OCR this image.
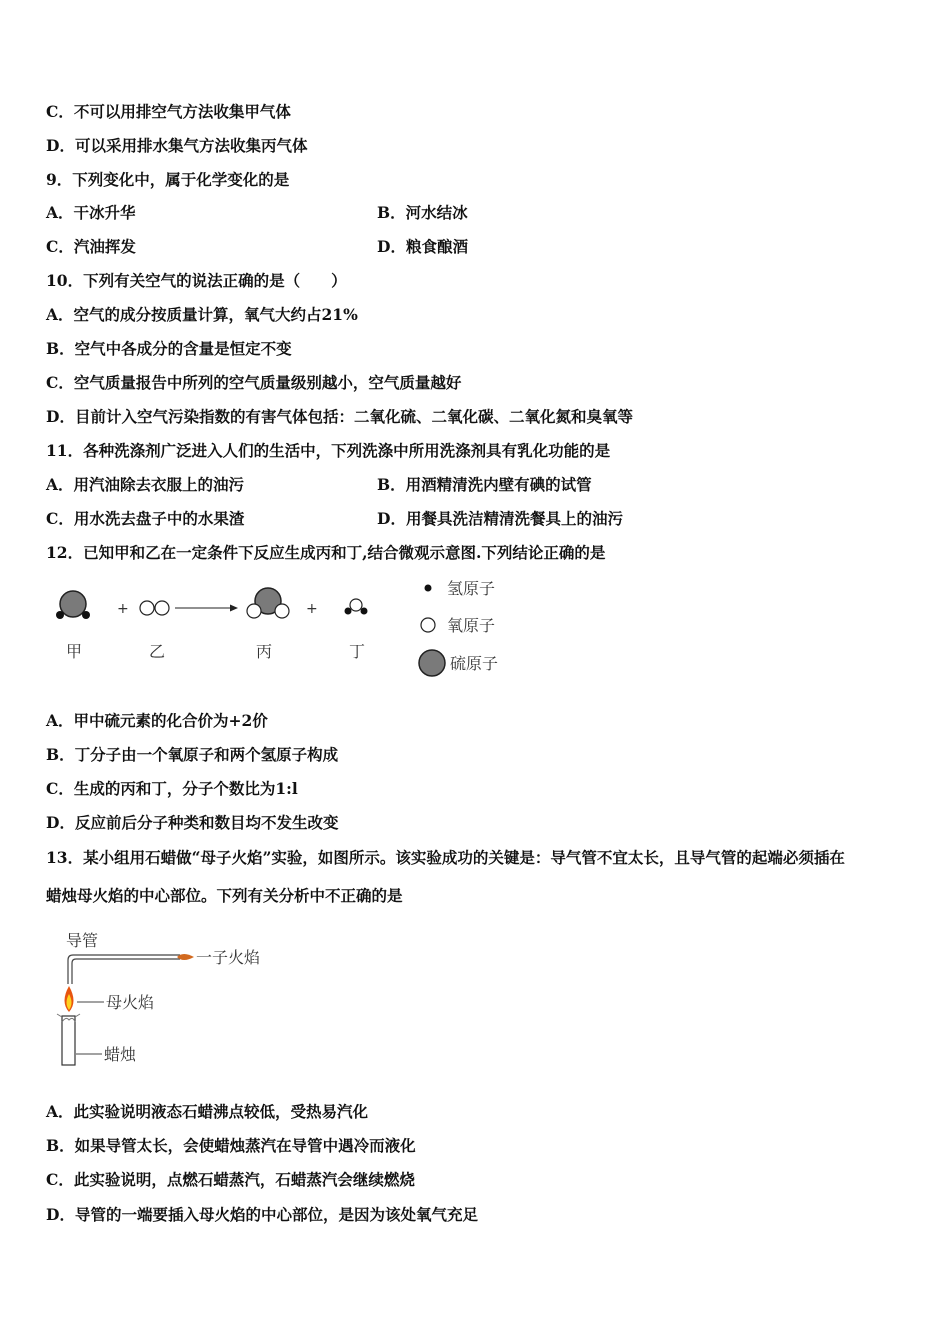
C．不可以用排空气方法收集甲气体
D．可以采用排水集气方法收集丙气体
9．下列变化中，属于化学变化的是
A．干冰升华	B．河水结冰
C．汽油挥发	D．粮食酿酒
10．下列有关空气的说法正确的是（　　）
A．空气的成分按质量计算，氧气大约占21%
B．空气中各成分的含量是恒定不变
C．空气质量报告中所列的空气质量级别越小，空气质量越好
D．目前计入空气污染指数的有害气体包括：二氧化硫、二氧化碳、二氧化氮和臭氧等
11．各种洗涤剂广泛进入人们的生活中，下列洗涤中所用洗涤剂具有乳化功能的是
A．用汽油除去衣服上的油污	B．用酒精清洗内壁有碘的试管
C．用水洗去盘子中的水果渣	D．用餐具洗洁精清洗餐具上的油污
12．已知甲和乙在一定条件下反应生成丙和丁,结合微观示意图.下列结论正确的是
+	+
甲	乙	丙	丁
氢原子
氧原子
硫原子
A．甲中硫元素的化合价为+2价
B．丁分子由一个氧原子和两个氢原子构成
C．生成的丙和丁，分子个数比为1:l
D．反应前后分子种类和数目均不发生改变
13．某小组用石蜡做“母子火焰”实验，如图所示。该实验成功的关键是：导气管不宜太长，且导气管的起端必须插在
蜡烛母火焰的中心部位。下列有关分析中不正确的是
导管
一子火焰
母火焰
蜡烛
A．此实验说明液态石蜡沸点较低，受热易汽化
B．如果导管太长，会使蜡烛蒸汽在导管中遇冷而液化
C．此实验说明，点燃石蜡蒸汽，石蜡蒸汽会继续燃烧
D．导管的一端要插入母火焰的中心部位，是因为该处氧气充足
